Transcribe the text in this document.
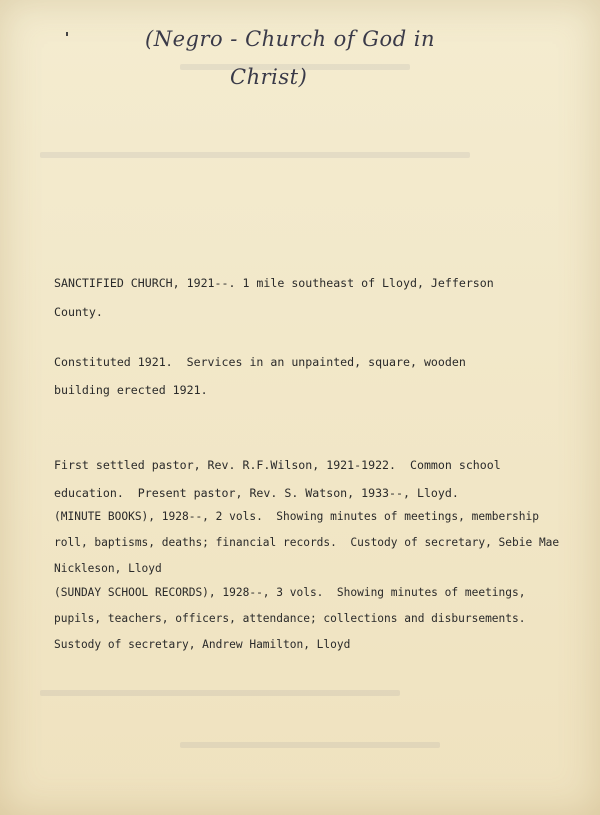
(Negro - Church of God in
Christ)
SANCTIFIED CHURCH, 1921--. 1 mile southeast of Lloyd, Jefferson
County.
Constituted 1921.  Services in an unpainted, square, wooden
building erected 1921.
First settled pastor, Rev. R.F.Wilson, 1921-1922.  Common school
education.  Present pastor, Rev. S. Watson, 1933--, Lloyd.
(MINUTE BOOKS), 1928--, 2 vols.  Showing minutes of meetings, membership
roll, baptisms, deaths; financial records.  Custody of secretary, Sebie Mae
Nickleson, Lloyd
(SUNDAY SCHOOL RECORDS), 1928--, 3 vols.  Showing minutes of meetings,
pupils, teachers, officers, attendance; collections and disbursements.
Sustody of secretary, Andrew Hamilton, Lloyd
